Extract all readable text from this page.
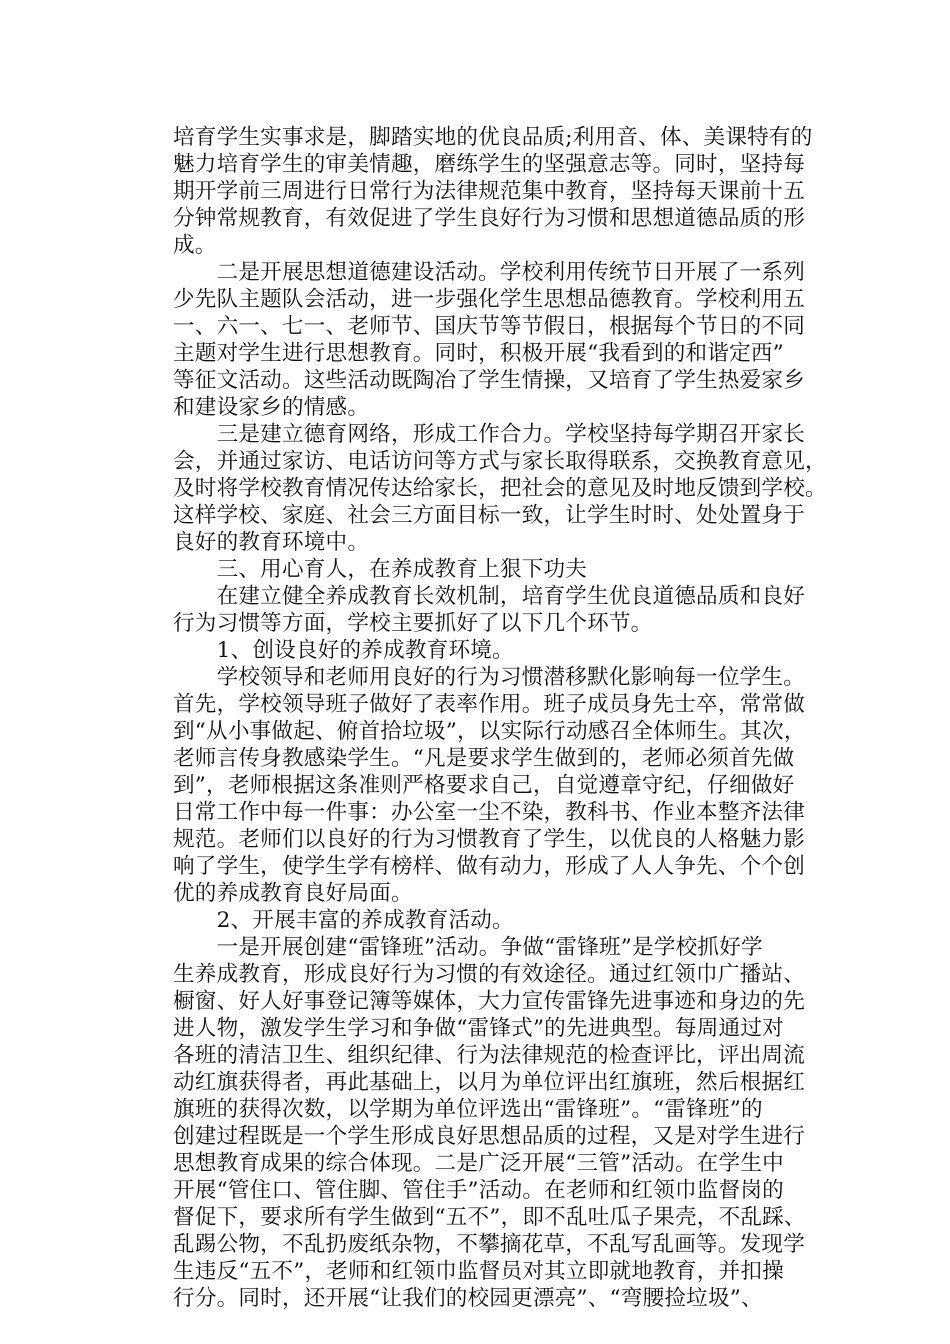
培育学生实事求是，脚踏实地的优良品质;利用音、体、美课特有的
魅力培育学生的审美情趣，磨练学生的坚强意志等。同时，坚持每
期开学前三周进行日常行为法律规范集中教育，坚持每天课前十五
分钟常规教育，有效促进了学生良好行为习惯和思想道德品质的形
成。
　　二是开展思想道德建设活动。学校利用传统节日开展了一系列
少先队主题队会活动，进一步强化学生思想品德教育。学校利用五
一、六一、七一、老师节、国庆节等节假日，根据每个节日的不同
主题对学生进行思想教育。同时，积极开展“我看到的和谐定西”
等征文活动。这些活动既陶冶了学生情操，又培育了学生热爱家乡
和建设家乡的情感。
　　三是建立德育网络，形成工作合力。学校坚持每学期召开家长
会，并通过家访、电话访问等方式与家长取得联系，交换教育意见，
及时将学校教育情况传达给家长，把社会的意见及时地反馈到学校。
这样学校、家庭、社会三方面目标一致，让学生时时、处处置身于
良好的教育环境中。
　　三、用心育人，在养成教育上狠下功夫
　　在建立健全养成教育长效机制，培育学生优良道德品质和良好
行为习惯等方面，学校主要抓好了以下几个环节。
　　1、创设良好的养成教育环境。
　　学校领导和老师用良好的行为习惯潜移默化影响每一位学生。
首先，学校领导班子做好了表率作用。班子成员身先士卒，常常做
到“从小事做起、俯首拾垃圾”，以实际行动感召全体师生。其次，
老师言传身教感染学生。“凡是要求学生做到的，老师必须首先做
到”，老师根据这条准则严格要求自己，自觉遵章守纪，仔细做好
日常工作中每一件事：办公室一尘不染，教科书、作业本整齐法律
规范。老师们以良好的行为习惯教育了学生，以优良的人格魅力影
响了学生，使学生学有榜样、做有动力，形成了人人争先、个个创
优的养成教育良好局面。
　　2、开展丰富的养成教育活动。
　　一是开展创建“雷锋班”活动。争做“雷锋班”是学校抓好学
生养成教育，形成良好行为习惯的有效途径。通过红领巾广播站、
橱窗、好人好事登记簿等媒体，大力宣传雷锋先进事迹和身边的先
进人物，激发学生学习和争做“雷锋式”的先进典型。每周通过对
各班的清洁卫生、组织纪律、行为法律规范的检查评比，评出周流
动红旗获得者，再此基础上，以月为单位评出红旗班，然后根据红
旗班的获得次数，以学期为单位评选出“雷锋班”。“雷锋班”的
创建过程既是一个学生形成良好思想品质的过程，又是对学生进行
思想教育成果的综合体现。二是广泛开展“三管”活动。在学生中
开展“管住口、管住脚、管住手”活动。在老师和红领巾监督岗的
督促下，要求所有学生做到“五不”，即不乱吐瓜子果壳，不乱踩、
乱踢公物，不乱扔废纸杂物，不攀摘花草，不乱写乱画等。发现学
生违反“五不”，老师和红领巾监督员对其立即就地教育，并扣操
行分。同时，还开展“让我们的校园更漂亮”、“弯腰捡垃圾”、
